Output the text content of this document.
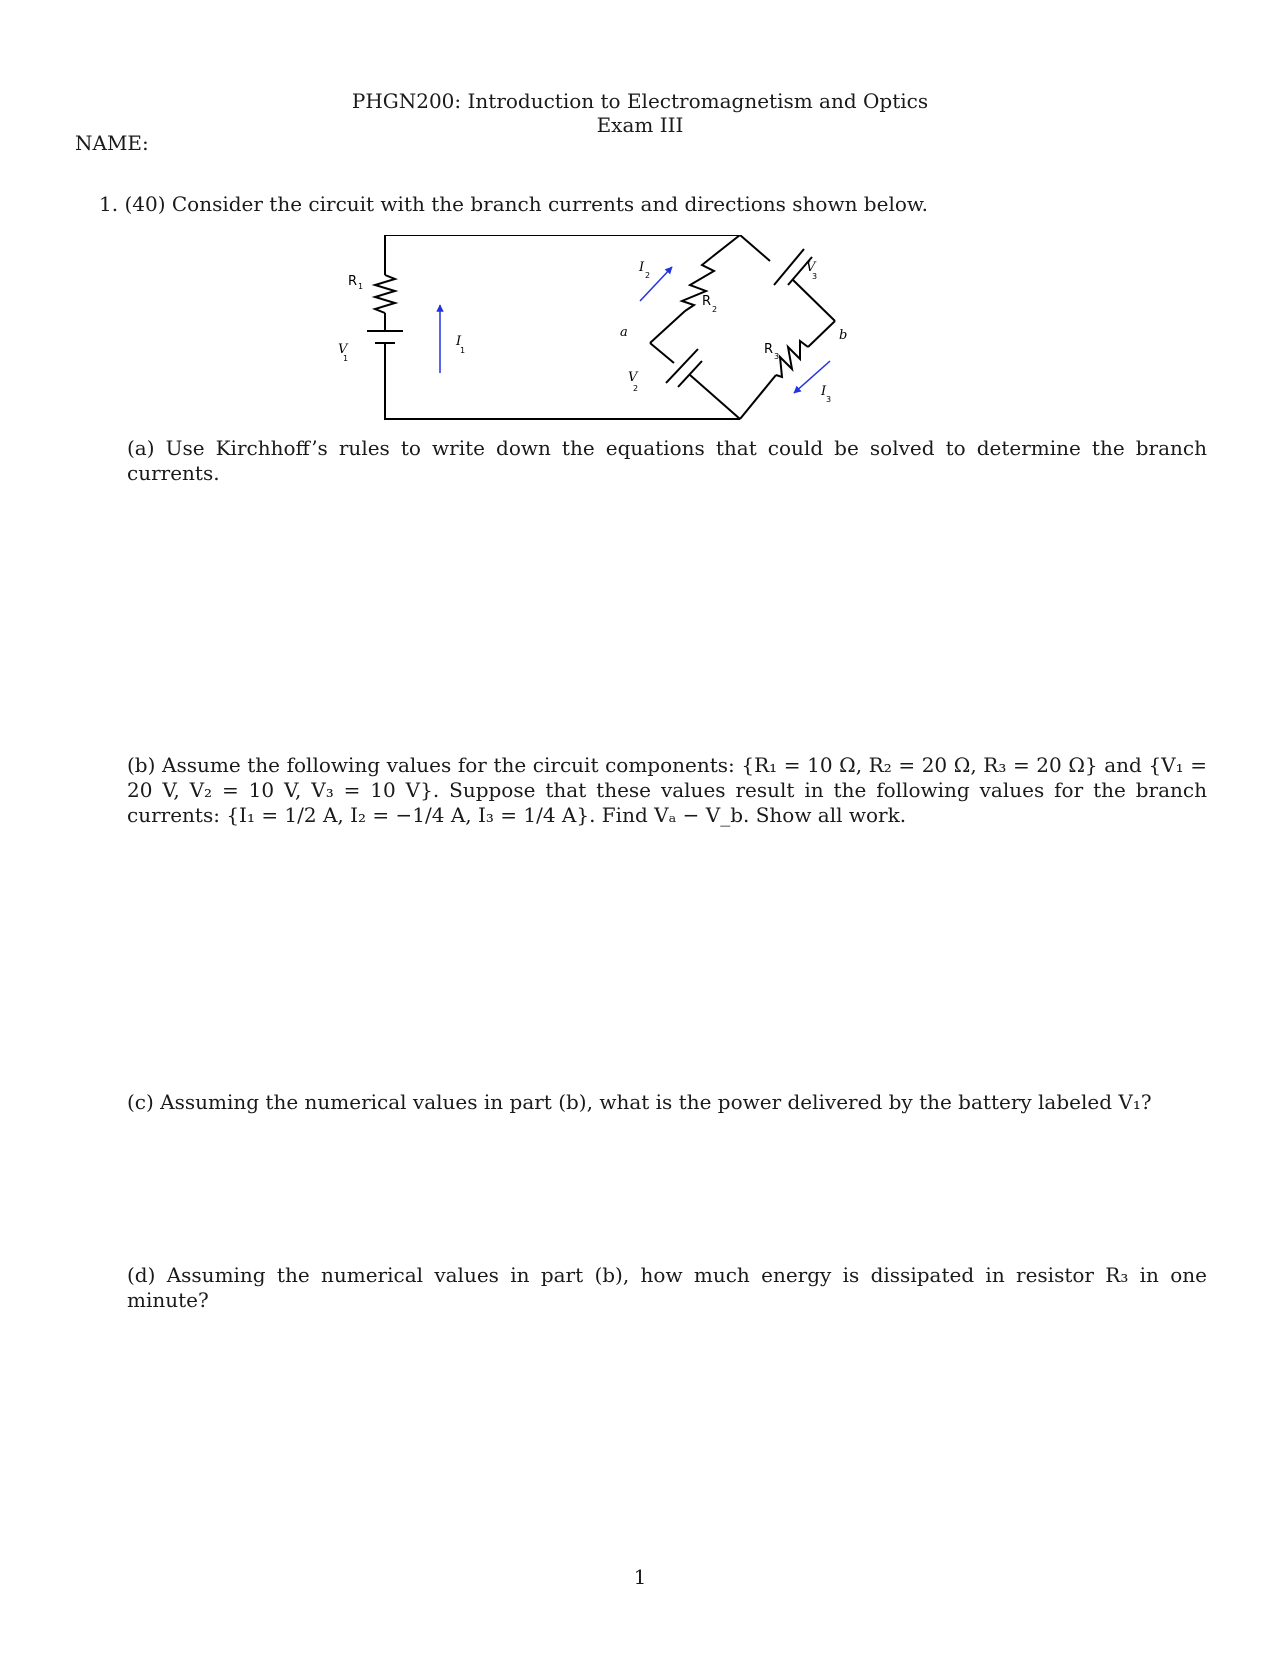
PHGN200: Introduction to Electromagnetism and Optics
Exam III
NAME:
1. (40) Consider the circuit with the branch currents and directions shown below.
R 1
V
1
I
1
I
2
R
2
V
3
a	b
R 3
V
2	I
3
(a) Use Kirchhoff’s rules to write down the equations that could be solved to determine the branch currents.
(b) Assume the following values for the circuit components: {R₁ = 10 Ω, R₂ = 20 Ω, R₃ = 20 Ω} and {V₁ = 20 V, V₂ = 10 V, V₃ = 10 V}. Suppose that these values result in the following values for the branch currents: {I₁ = 1/2 A, I₂ = −1/4 A, I₃ = 1/4 A}. Find Vₐ − V_b. Show all work.
(c) Assuming the numerical values in part (b), what is the power delivered by the battery labeled V₁?
(d) Assuming the numerical values in part (b), how much energy is dissipated in resistor R₃ in one minute?
1
